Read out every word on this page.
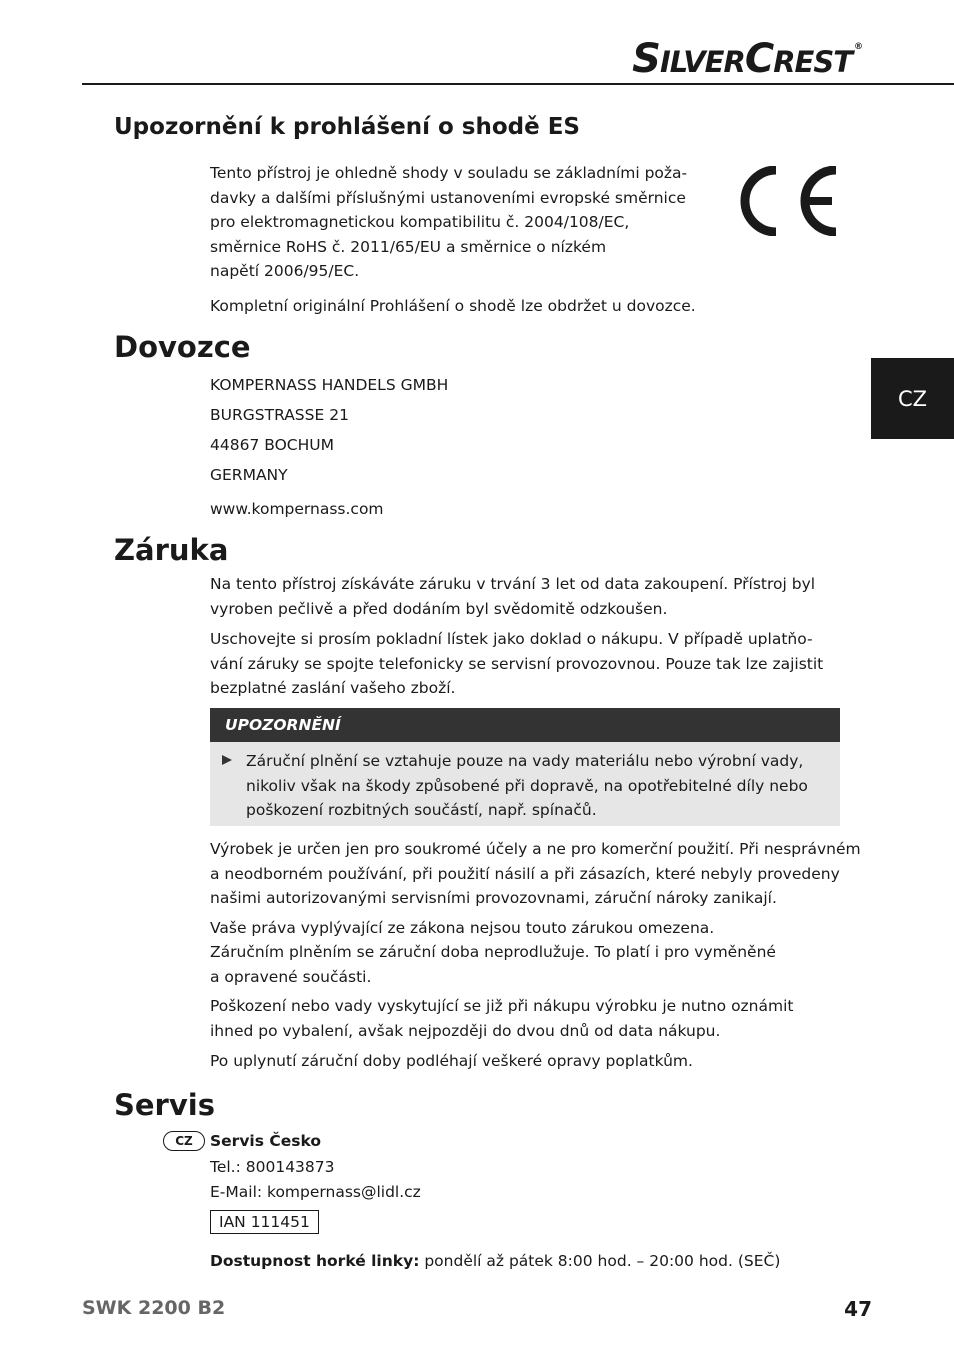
SILVERCREST ®
CZ
Upozornění k prohlášení o shodě ES

Tento přístroj je ohledně shody v souladu se základními poža-

davky a dalšími příslušnými ustanoveními evropské směrnice

pro elektromagnetickou kompatibilitu č. 2004/108/EC,

směrnice RoHS č. 2011/65/EU a směrnice o nízkém

napětí 2006/95/EC.

Kompletní originální Prohlášení o shodě lze obdržet u dovozce.

Dovozce

KOMPERNASS HANDELS GMBH

BURGSTRASSE 21

44867 BOCHUM

GERMANY

www.kompernass.com

Záruka

Na tento přístroj získáváte záruku v trvání 3 let od data zakoupení. Přístroj byl

vyroben pečlivě a před dodáním byl svědomitě odzkoušen.

Uschovejte si prosím pokladní lístek jako doklad o nákupu. V případě uplatňo-

vání záruky se spojte telefonicky se servisní provozovnou. Pouze tak lze zajistit

bezplatné zaslání vašeho zboží.

UPOZORNĚNÍ

Záruční plnění se vztahuje pouze na vady materiálu nebo výrobní vady,

nikoliv však na škody způsobené při dopravě, na opotřebitelné díly nebo

poškození rozbitných součástí, např. spínačů.

Výrobek je určen jen pro soukromé účely a ne pro komerční použití. Při nesprávném

a neodborném používání, při použití násilí a při zásazích, které nebyly provedeny

našimi autorizovanými servisními provozovnami, záruční nároky zanikají.

Vaše práva vyplývající ze zákona nejsou touto zárukou omezena.

Záručním plněním se záruční doba neprodlužuje. To platí i pro vyměněné

a opravené součásti.

Poškození nebo vady vyskytující se již při nákupu výrobku je nutno oznámit

ihned po vybalení, avšak nejpozději do dvou dnů od data nákupu.

Po uplynutí záruční doby podléhají veškeré opravy poplatkům.

Servis
CZ	Servis Česko

Tel.: 800143873

E-Mail: kompernass@lidl.cz

IAN 111451

Dostupnost horké linky: pondělí až pátek 8:00 hod. – 20:00 hod. (SEČ)

SWK 2200 B2	47
